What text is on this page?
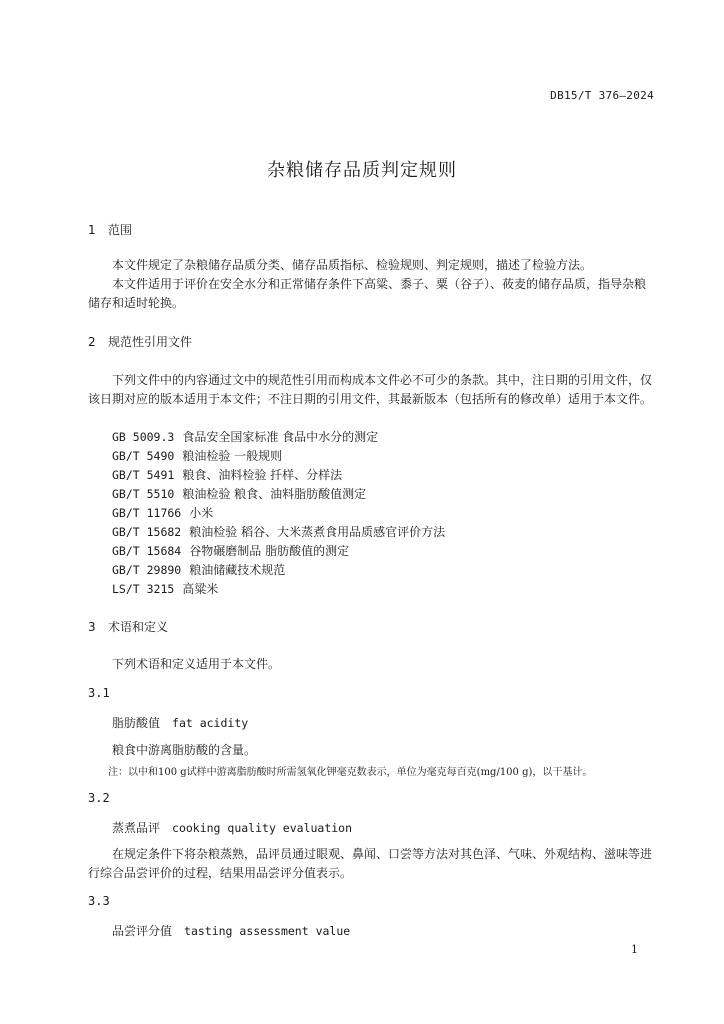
DB15/T 376—2024
杂粮储存品质判定规则
1 范围
本文件规定了杂粮储存品质分类、储存品质指标、检验规则、判定规则，描述了检验方法。
本文件适用于评价在安全水分和正常储存条件下高粱、黍子、粟（谷子）、莜麦的储存品质，指导杂粮储存和适时轮换。
2 规范性引用文件
下列文件中的内容通过文中的规范性引用而构成本文件必不可少的条款。其中，注日期的引用文件，仅该日期对应的版本适用于本文件；不注日期的引用文件，其最新版本（包括所有的修改单）适用于本文件。
GB 5009.3 食品安全国家标准 食品中水分的测定
GB/T 5490 粮油检验 一般规则
GB/T 5491 粮食、油料检验 扦样、分样法
GB/T 5510 粮油检验 粮食、油料脂肪酸值测定
GB/T 11766 小米
GB/T 15682 粮油检验 稻谷、大米蒸煮食用品质感官评价方法
GB/T 15684 谷物碾磨制品 脂肪酸值的测定
GB/T 29890 粮油储藏技术规范
LS/T 3215 高粱米
3 术语和定义
下列术语和定义适用于本文件。
3.1
脂肪酸值 fat acidity
粮食中游离脂肪酸的含量。
注：以中和100 g试样中游离脂肪酸时所需氢氧化钾毫克数表示，单位为毫克每百克(mg/100 g)，以干基计。
3.2
蒸煮品评 cooking quality evaluation
在规定条件下将杂粮蒸熟，品评员通过眼观、鼻闻、口尝等方法对其色泽、气味、外观结构、滋味等进行综合品尝评价的过程，结果用品尝评分值表示。
3.3
品尝评分值 tasting assessment value
1
